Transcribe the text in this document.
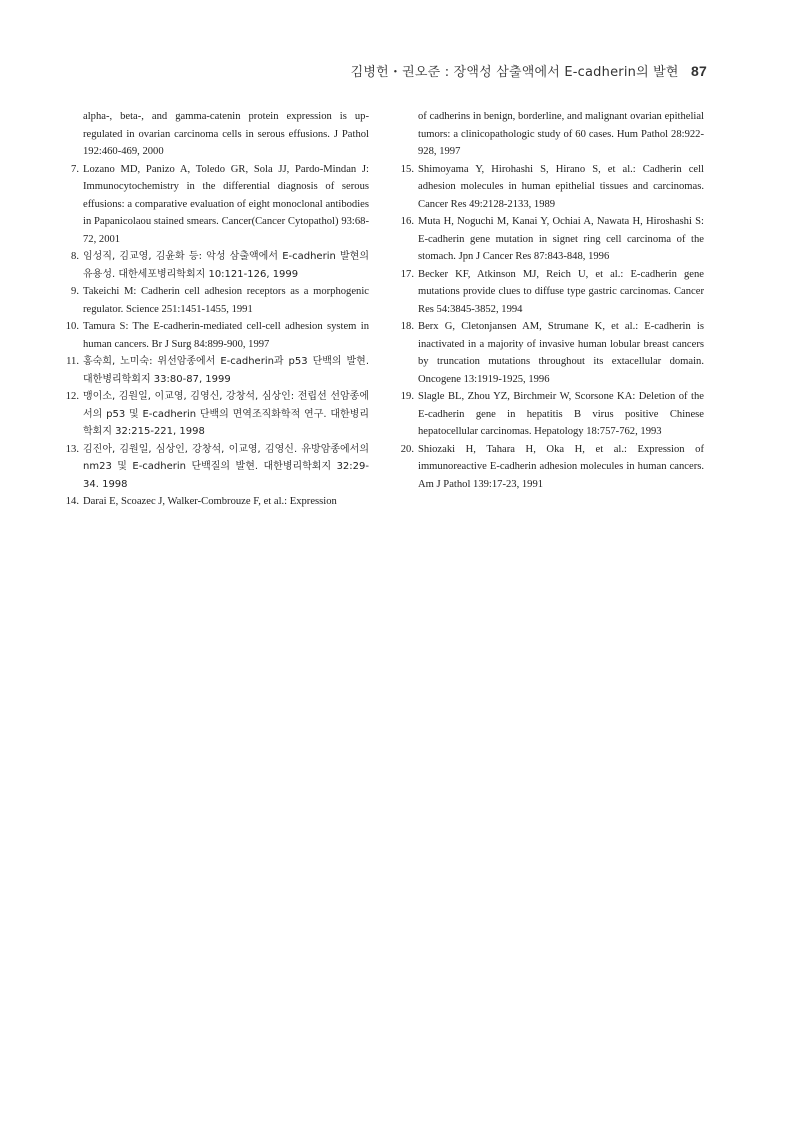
김병헌・권오준 : 장액성 삼출액에서 E-cadherin의 발현 87
alpha-, beta-, and gamma-catenin protein expression is up-regulated in ovarian carcinoma cells in serous effusions. J Pathol 192:460-469, 2000
7. Lozano MD, Panizo A, Toledo GR, Sola JJ, Pardo-Mindan J: Immunocytochemistry in the differential diagnosis of serous effusions: a comparative evaluation of eight monoclonal antibodies in Papanicolaou stained smears. Cancer(Cancer Cytopathol) 93:68-72, 2001
8. 임성직, 김교영, 김윤화 등: 악성 삼출액에서 E-cadherin 발현의 유용성. 대한세포병리학회지 10:121-126, 1999
9. Takeichi M: Cadherin cell adhesion receptors as a morphogenic regulator. Science 251:1451-1455, 1991
10. Tamura S: The E-cadherin-mediated cell-cell adhesion system in human cancers. Br J Surg 84:899-900, 1997
11. 홍숙희, 노미숙: 위선암종에서 E-cadherin과 p53 단백의 발현. 대한병리학회지 33:80-87, 1999
12. 맹이소, 김원일, 이교영, 김영신, 강창석, 심상인: 전립선 선암종에서의 p53 및 E-cadherin 단백의 면역조직화학적 연구. 대한병리학회지 32:215-221, 1998
13. 김진아, 김원일, 심상인, 강창석, 이교영, 김영신. 유방암종에서의 nm23 및 E-cadherin 단백질의 발현. 대한병리학회지 32:29-34. 1998
14. Darai E, Scoazec J, Walker-Combrouze F, et al.: Expression
of cadherins in benign, borderline, and malignant ovarian epithelial tumors: a clinicopathologic study of 60 cases. Hum Pathol 28:922-928, 1997
15. Shimoyama Y, Hirohashi S, Hirano S, et al.: Cadherin cell adhesion molecules in human epithelial tissues and carcinomas. Cancer Res 49:2128-2133, 1989
16. Muta H, Noguchi M, Kanai Y, Ochiai A, Nawata H, Hiroshashi S: E-cadherin gene mutation in signet ring cell carcinoma of the stomach. Jpn J Cancer Res 87:843-848, 1996
17. Becker KF, Atkinson MJ, Reich U, et al.: E-cadherin gene mutations provide clues to diffuse type gastric carcinomas. Cancer Res 54:3845-3852, 1994
18. Berx G, Cletonjansen AM, Strumane K, et al.: E-cadherin is inactivated in a majority of invasive human lobular breast cancers by truncation mutations throughout its extacellular domain. Oncogene 13:1919-1925, 1996
19. Slagle BL, Zhou YZ, Birchmeir W, Scorsone KA: Deletion of the E-cadherin gene in hepatitis B virus positive Chinese hepatocellular carcinomas. Hepatology 18:757-762, 1993
20. Shiozaki H, Tahara H, Oka H, et al.: Expression of immunoreactive E-cadherin adhesion molecules in human cancers. Am J Pathol 139:17-23, 1991
